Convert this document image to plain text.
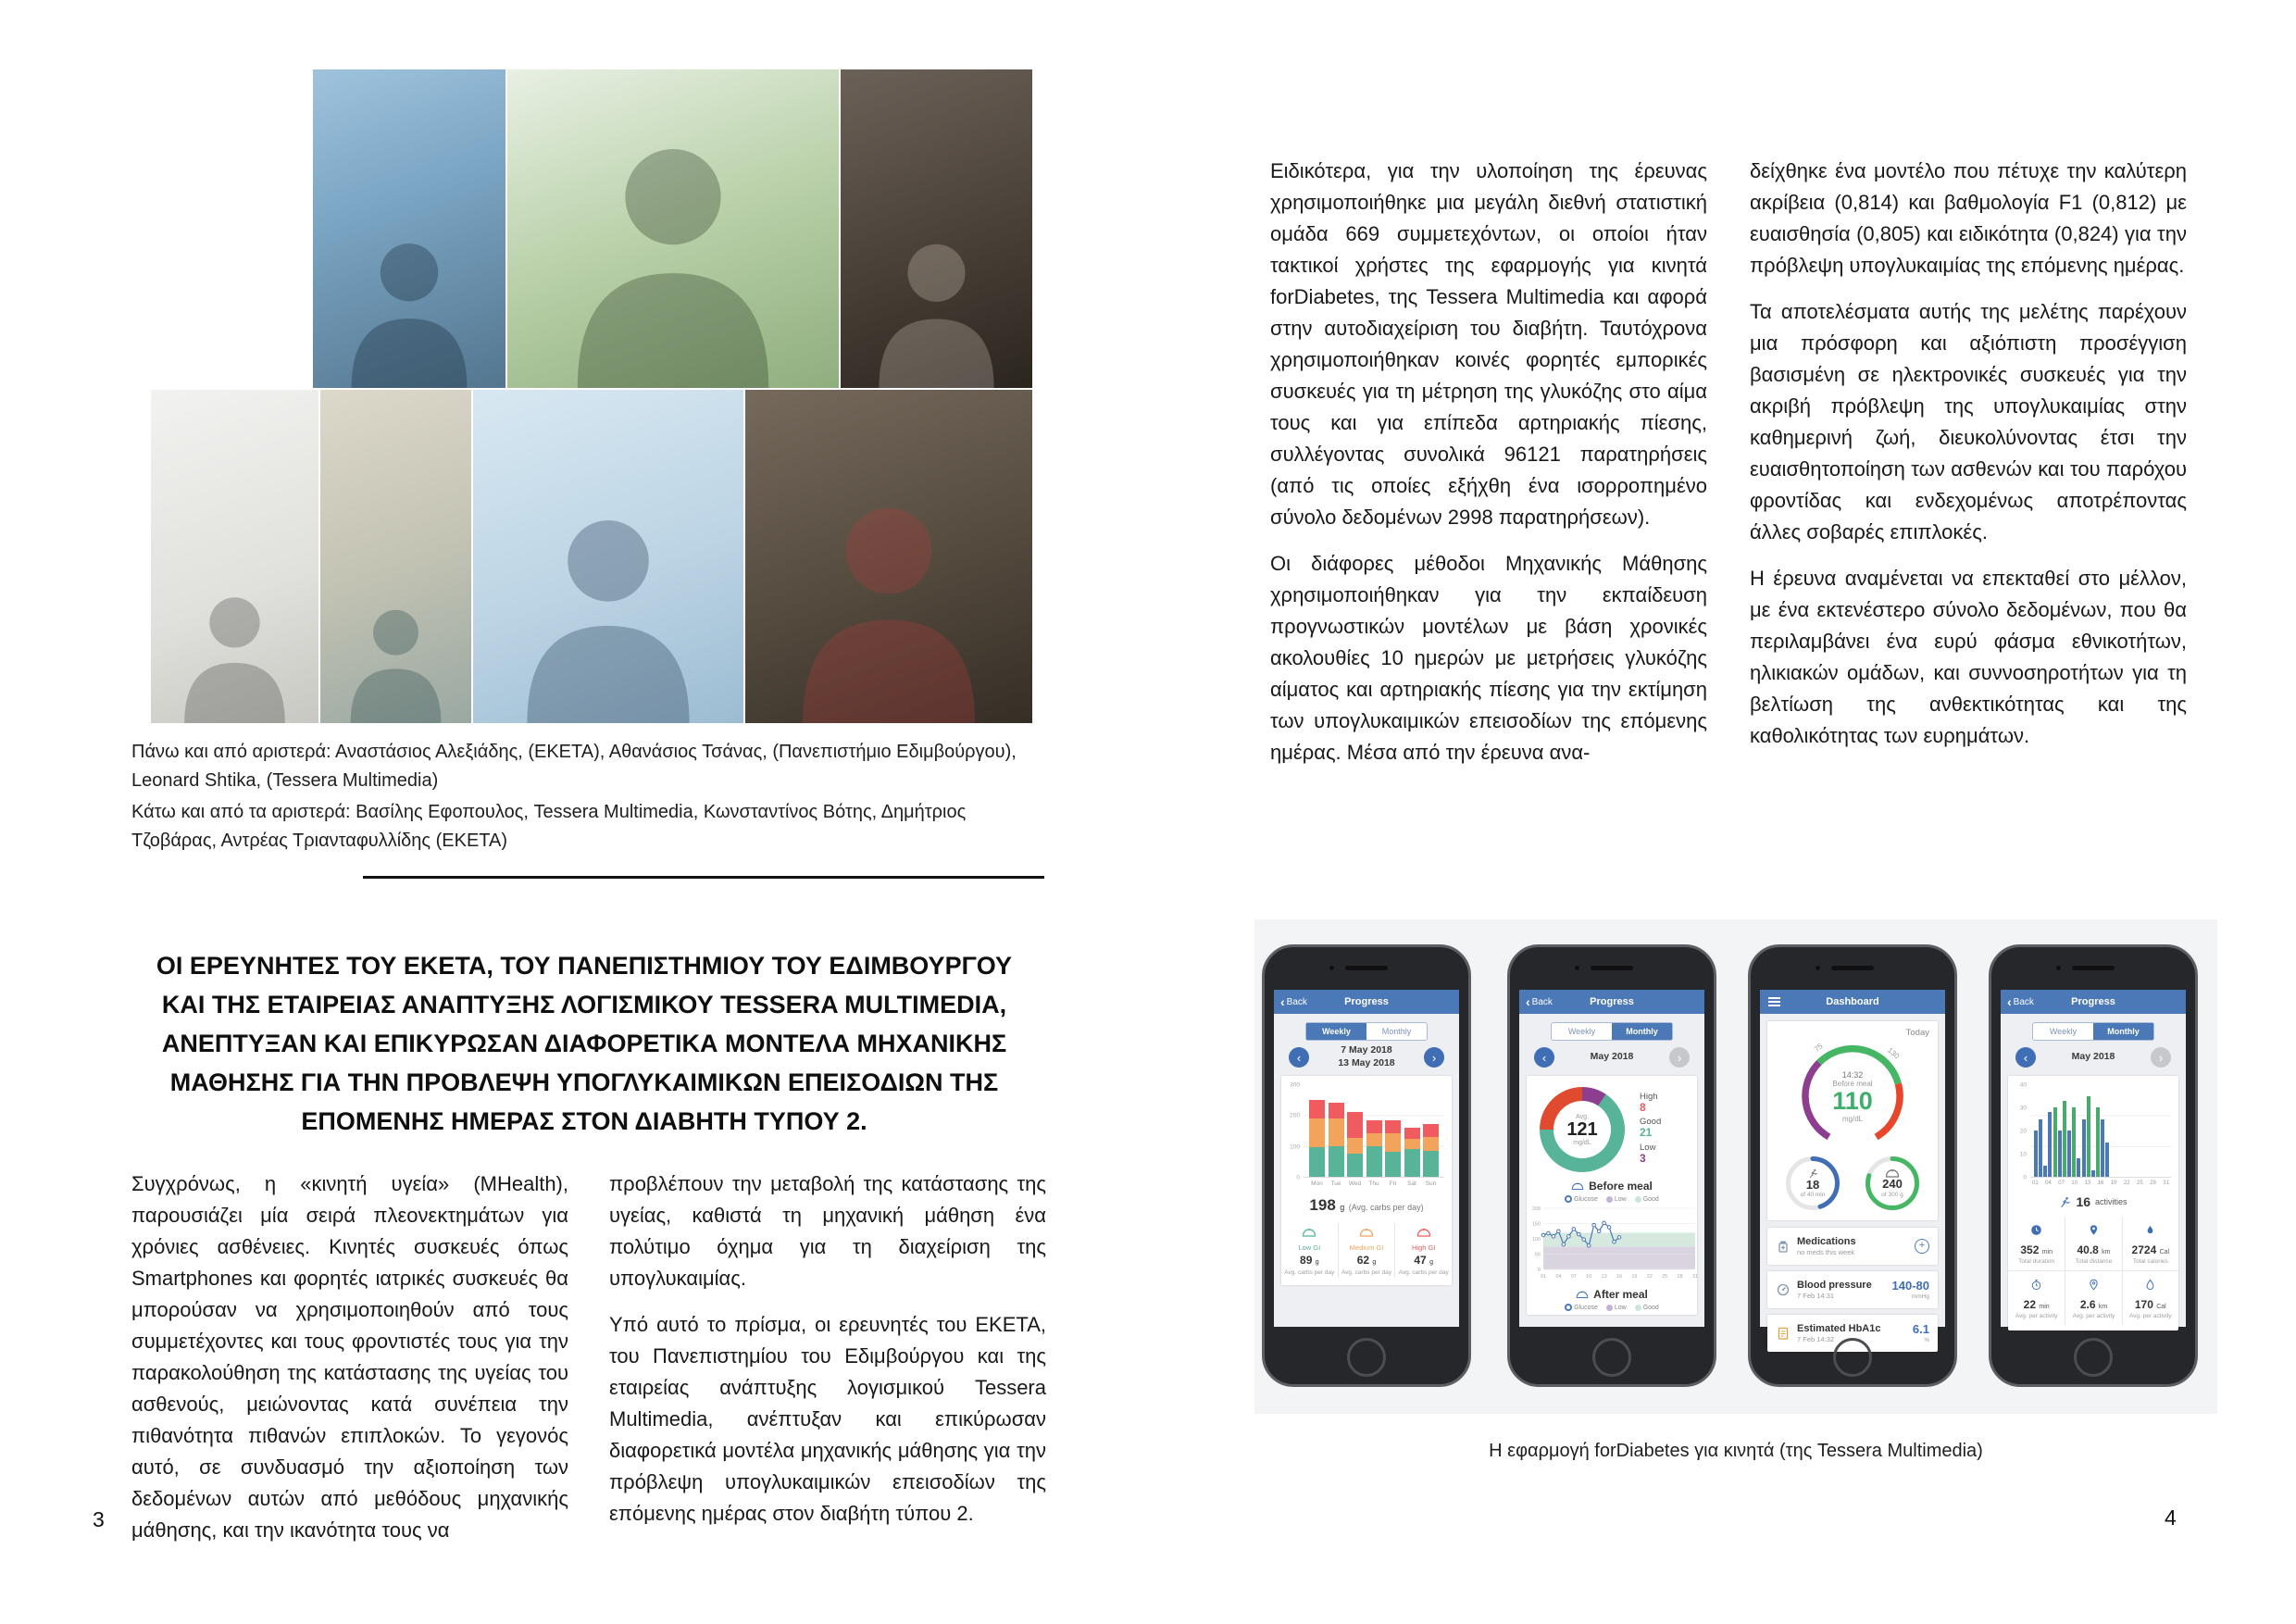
Πάνω και από αριστερά: Αναστάσιος Αλεξιάδης, (ΕΚΕΤΑ), Αθανάσιος Τσάνας, (Πανεπιστήμιο Εδιμβούργου), Leonard Shtika, (Tessera Multimedia)

Κάτω και από τα αριστερά: Βασίλης Εφοπουλος, Tessera Multimedia, Κωνσταντίνος Βότης, Δημήτριος Τζοβάρας, Αντρέας Τριανταφυλλίδης (ΕΚΕΤΑ)

ΟΙ ΕΡΕΥΝΗΤΕΣ ΤΟΥ ΕΚΕΤΑ, ΤΟΥ ΠΑΝΕΠΙΣΤΗΜΙΟΥ ΤΟΥ ΕΔΙΜΒΟΥΡΓΟΥ ΚΑΙ ΤΗΣ ΕΤΑΙΡΕΙΑΣ ΑΝΑΠΤΥΞΗΣ ΛΟΓΙΣΜΙΚΟΥ TESSERA MULTIMEDIA, ΑΝΕΠΤΥΞΑΝ ΚΑΙ ΕΠΙΚΥΡΩΣΑΝ ΔΙΑΦΟΡΕΤΙΚΑ ΜΟΝΤΕΛΑ ΜΗΧΑΝΙΚΗΣ ΜΑΘΗΣΗΣ ΓΙΑ ΤΗΝ ΠΡΟΒΛΕΨΗ ΥΠΟΓΛΥΚΑΙΜΙΚΩΝ ΕΠΕΙΣΟΔΙΩΝ ΤΗΣ ΕΠΟΜΕΝΗΣ ΗΜΕΡΑΣ ΣΤΟΝ ΔΙΑΒΗΤΗ ΤΥΠΟΥ 2.

Συγχρόνως, η «κινητή υγεία» (MHealth), παρουσιάζει μία σειρά πλεονεκτημάτων για χρόνιες ασθένειες. Κινητές συσκευές όπως Smartphones και φορητές ιατρικές συσκευές θα μπορούσαν να χρησιμοποιηθούν από τους συμμετέχοντες και τους φροντιστές τους για την παρακολούθηση της κατάστασης της υγείας του ασθενούς, μειώνοντας κατά συνέπεια την πιθανότητα πιθανών επιπλοκών. Το γεγονός αυτό, σε συνδυασμό την αξιοποίηση των δεδομένων αυτών από μεθόδους μηχανικής μάθησης, και την ικανότητα τους να

προβλέπουν την μεταβολή της κατάστασης της υγείας, καθιστά τη μηχανική μάθηση ένα πολύτιμο όχημα για τη διαχείριση της υπογλυκαιμίας.

Υπό αυτό το πρίσμα, οι ερευνητές του ΕΚΕΤΑ, του Πανεπιστημίου του Εδιμβούργου και της εταιρείας ανάπτυξης λογισμικού Tessera Multimedia, ανέπτυξαν και επικύρωσαν διαφορετικά μοντέλα μηχανικής μάθησης για την πρόβλεψη υπογλυκαιμικών επεισοδίων της επόμενης ημέρας στον διαβήτη τύπου 2.

3

Ειδικότερα, για την υλοποίηση της έρευνας χρησιμοποιήθηκε μια μεγάλη διεθνή στατιστική ομάδα 669 συμμετεχόντων, οι οποίοι ήταν τακτικοί χρήστες της εφαρμογής για κινητά forDiabetes, της Tessera Multimedia και αφορά στην αυτοδιαχείριση του διαβήτη. Ταυτόχρονα χρησιμοποιήθηκαν κοινές φορητές εμπορικές συσκευές για τη μέτρηση της γλυκόζης στο αίμα τους και για επίπεδα αρτηριακής πίεσης, συλλέγοντας συνολικά 96121 παρατηρήσεις (από τις οποίες εξήχθη ένα ισορροπημένο σύνολο δεδομένων 2998 παρατηρήσεων).

Οι διάφορες μέθοδοι Μηχανικής Μάθησης χρησιμοποιήθηκαν για την εκπαίδευση προγνωστικών μοντέλων με βάση χρονικές ακολουθίες 10 ημερών με μετρήσεις γλυκόζης αίματος και αρτηριακής πίεσης για την εκτίμηση των υπογλυκαιμικών επεισοδίων της επόμενης ημέρας. Μέσα από την έρευνα ανα-

δείχθηκε ένα μοντέλο που πέτυχε την καλύτερη ακρίβεια (0,814) και βαθμολογία F1 (0,812) με ευαισθησία (0,805) και ειδικότητα (0,824) για την πρόβλεψη υπογλυκαιμίας της επόμενης ημέρας.

Τα αποτελέσματα αυτής της μελέτης παρέχουν μια πρόσφορη και αξιόπιστη προσέγγιση βασισμένη σε ηλεκτρονικές συσκευές για την ακριβή πρόβλεψη της υπογλυκαιμίας στην καθημερινή ζωή, διευκολύνοντας έτσι την ευαισθητοποίηση των ασθενών και του παρόχου φροντίδας και ενδεχομένως αποτρέποντας άλλες σοβαρές επιπλοκές.

Η έρευνα αναμένεται να επεκταθεί στο μέλλον, με ένα εκτενέστερο σύνολο δεδομένων, που θα περιλαμβάνει ένα ευρύ φάσμα εθνικοτήτων, ηλικιακών ομάδων, και συννοσηροτήτων για τη βελτίωση της ανθεκτικότητας και της καθολικότητας των ευρημάτων.

‹ Back	Progress
Weekly	Monthly
‹
7 May 2018
13 May 2018	›
300
200
100
0
Mon	Tue	Wed	Thu	Fri	Sat	Sun
198 g (Avg. carbs per day)
Low GI
89 g
Avg. carbs per day
Medium GI
62 g
Avg. carbs per day
High GI
47 g
Avg. carbs per day
‹ Back	Progress
Weekly	Monthly
‹	May 2018	›
Avg.
121
mg/dL
High
8
Good
21
Low
3
Before meal
Glucose	Low	Good
200
150
100
50
0
01 04 07 10 13 16 19 22 25 28 31
After meal
Glucose	Low	Good
Dashboard
Today
75	130
14:32
Before meal
110
mg/dL
18
of 40 min
240
of 300 g
Medications
no meds this week
+
Blood pressure
7 Feb 14:31
140-80
mmHg
Estimated HbA1c
7 Feb 14:32
6.1
%
‹ Back	Progress
Weekly	Monthly
‹	May 2018	›
40
30
20
10
0
01 04 07 10 13 16 19 22 25 28 31
16 activities
352 min
Total duration
40.8 km
Total distance
2724 Cal
Total calories
22 min
Avg. per activity
2.6 km
Avg. per activity
170 Cal
Avg. per activity

Η εφαρμογή forDiabetes για κινητά (της Tessera Multimedia)

4
